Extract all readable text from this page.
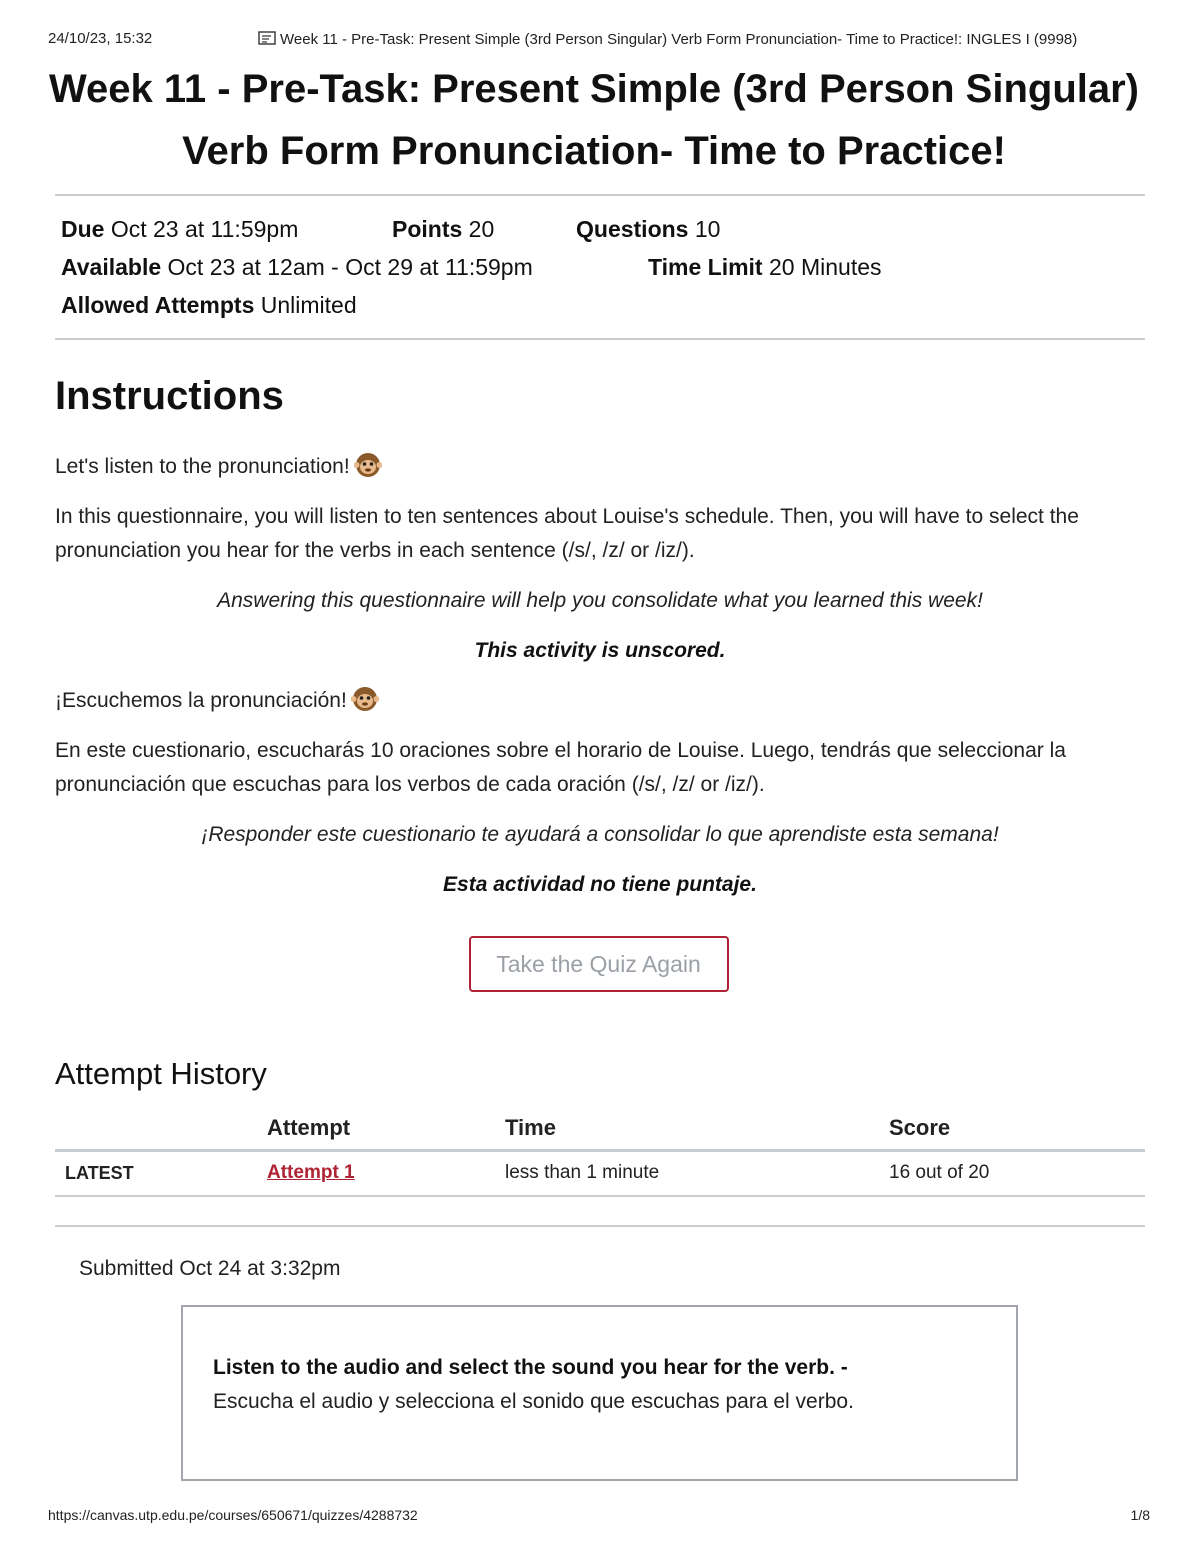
24/10/23, 15:32	Week 11 - Pre-Task: Present Simple (3rd Person Singular) Verb Form Pronunciation- Time to Practice!: INGLES I (9998)
Week 11 - Pre-Task: Present Simple (3rd Person Singular) Verb Form Pronunciation- Time to Practice!
Due Oct 23 at 11:59pm	Points 20	Questions 10
Available Oct 23 at 12am - Oct 29 at 11:59pm	Time Limit 20 Minutes
Allowed Attempts Unlimited
Instructions

Let's listen to the pronunciation!

In this questionnaire, you will listen to ten sentences about Louise's schedule. Then, you will have to select the pronunciation you hear for the verbs in each sentence (/s/, /z/ or /iz/).

Answering this questionnaire will help you consolidate what you learned this week!

This activity is unscored.

¡Escuchemos la pronunciación!

En este cuestionario, escucharás 10 oraciones sobre el horario de Louise. Luego, tendrás que seleccionar la pronunciación que escuchas para los verbos de cada oración (/s/, /z/ or /iz/).

¡Responder este cuestionario te ayudará a consolidar lo que aprendiste esta semana!

Esta actividad no tiene puntaje.

Take the Quiz Again
Attempt History
	Attempt	Time	Score
LATEST	Attempt 1	less than 1 minute	16 out of 20
Submitted Oct 24 at 3:32pm
Listen to the audio and select the sound you hear for the verb. -
Escucha el audio y selecciona el sonido que escuchas para el verbo.
https://canvas.utp.edu.pe/courses/650671/quizzes/4288732	1/8
